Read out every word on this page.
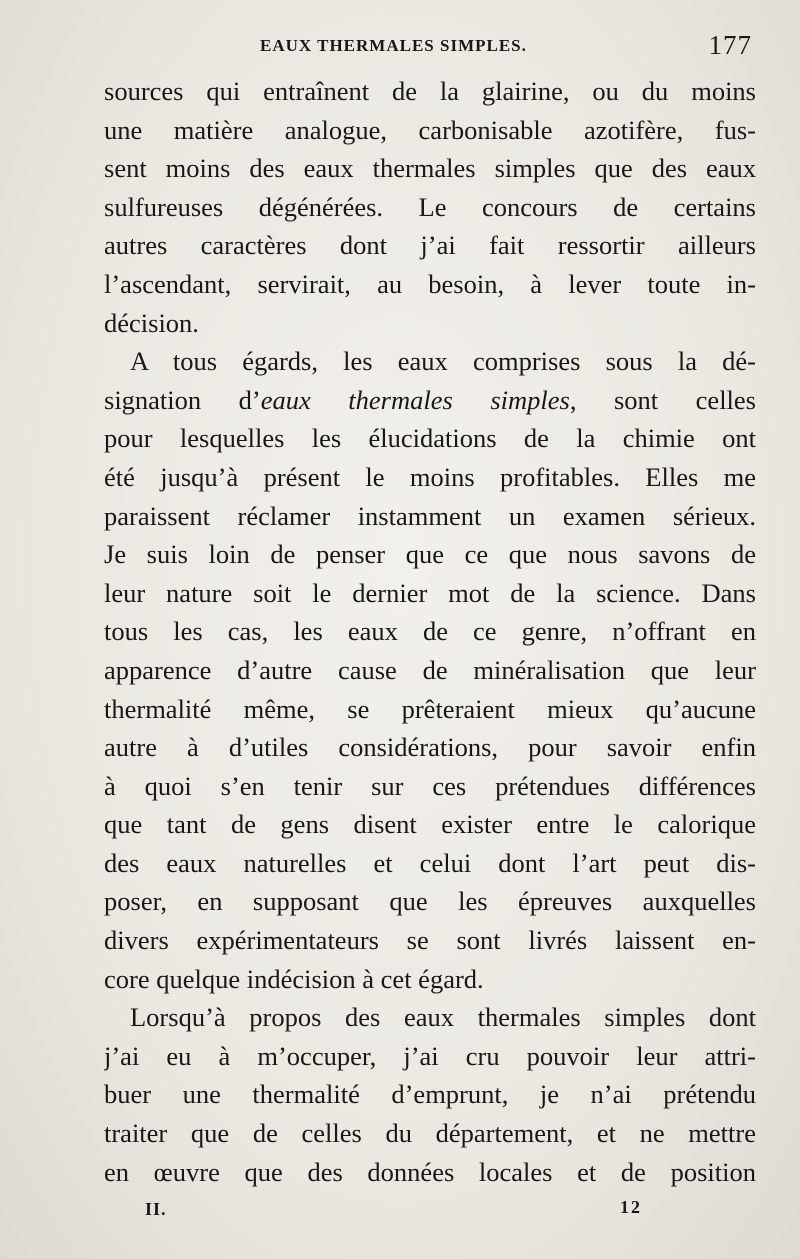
EAUX THERMALES SIMPLES.	177
sources qui entraînent de la glairine, ou du moins
une matière analogue, carbonisable azotifère, fus-
sent moins des eaux thermales simples que des eaux
sulfureuses dégénérées. Le concours de certains
autres caractères dont j’ai fait ressortir ailleurs
l’ascendant, servirait, au besoin, à lever toute in-
décision.
A tous égards, les eaux comprises sous la dé-
signation d’eaux thermales simples, sont celles
pour lesquelles les élucidations de la chimie ont
été jusqu’à présent le moins profitables. Elles me
paraissent réclamer instamment un examen sérieux.
Je suis loin de penser que ce que nous savons de
leur nature soit le dernier mot de la science. Dans
tous les cas, les eaux de ce genre, n’offrant en
apparence d’autre cause de minéralisation que leur
thermalité même, se prêteraient mieux qu’aucune
autre à d’utiles considérations, pour savoir enfin
à quoi s’en tenir sur ces prétendues différences
que tant de gens disent exister entre le calorique
des eaux naturelles et celui dont l’art peut dis-
poser, en supposant que les épreuves auxquelles
divers expérimentateurs se sont livrés laissent en-
core quelque indécision à cet égard.
Lorsqu’à propos des eaux thermales simples dont
j’ai eu à m’occuper, j’ai cru pouvoir leur attri-
buer une thermalité d’emprunt, je n’ai prétendu
traiter que de celles du département, et ne mettre
en œuvre que des données locales et de position
II.	12
